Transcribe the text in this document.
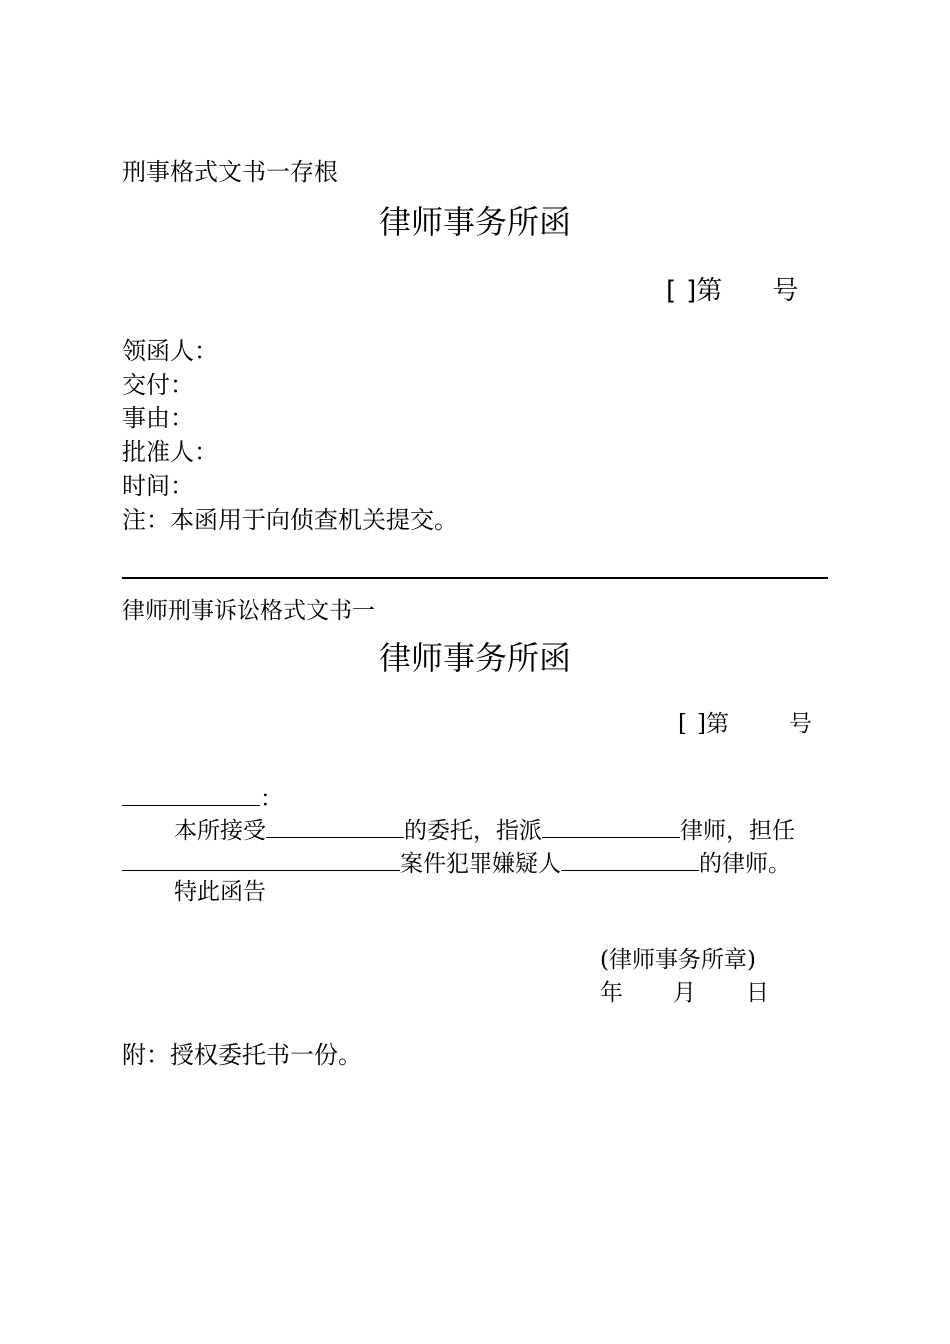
刑事格式文书一存根
律师事务所函
[ ]第 号
领函人：
交付：
事由：
批准人：
时间：
注：本函用于向侦查机关提交。
律师刑事诉讼格式文书一
律师事务所函
[ ]第	号
：
本所接受	的委托，指派	律师，担任
案件犯罪嫌疑人	的律师。
特此函告
(律师事务所章)
年 月 日
附：授权委托书一份。
